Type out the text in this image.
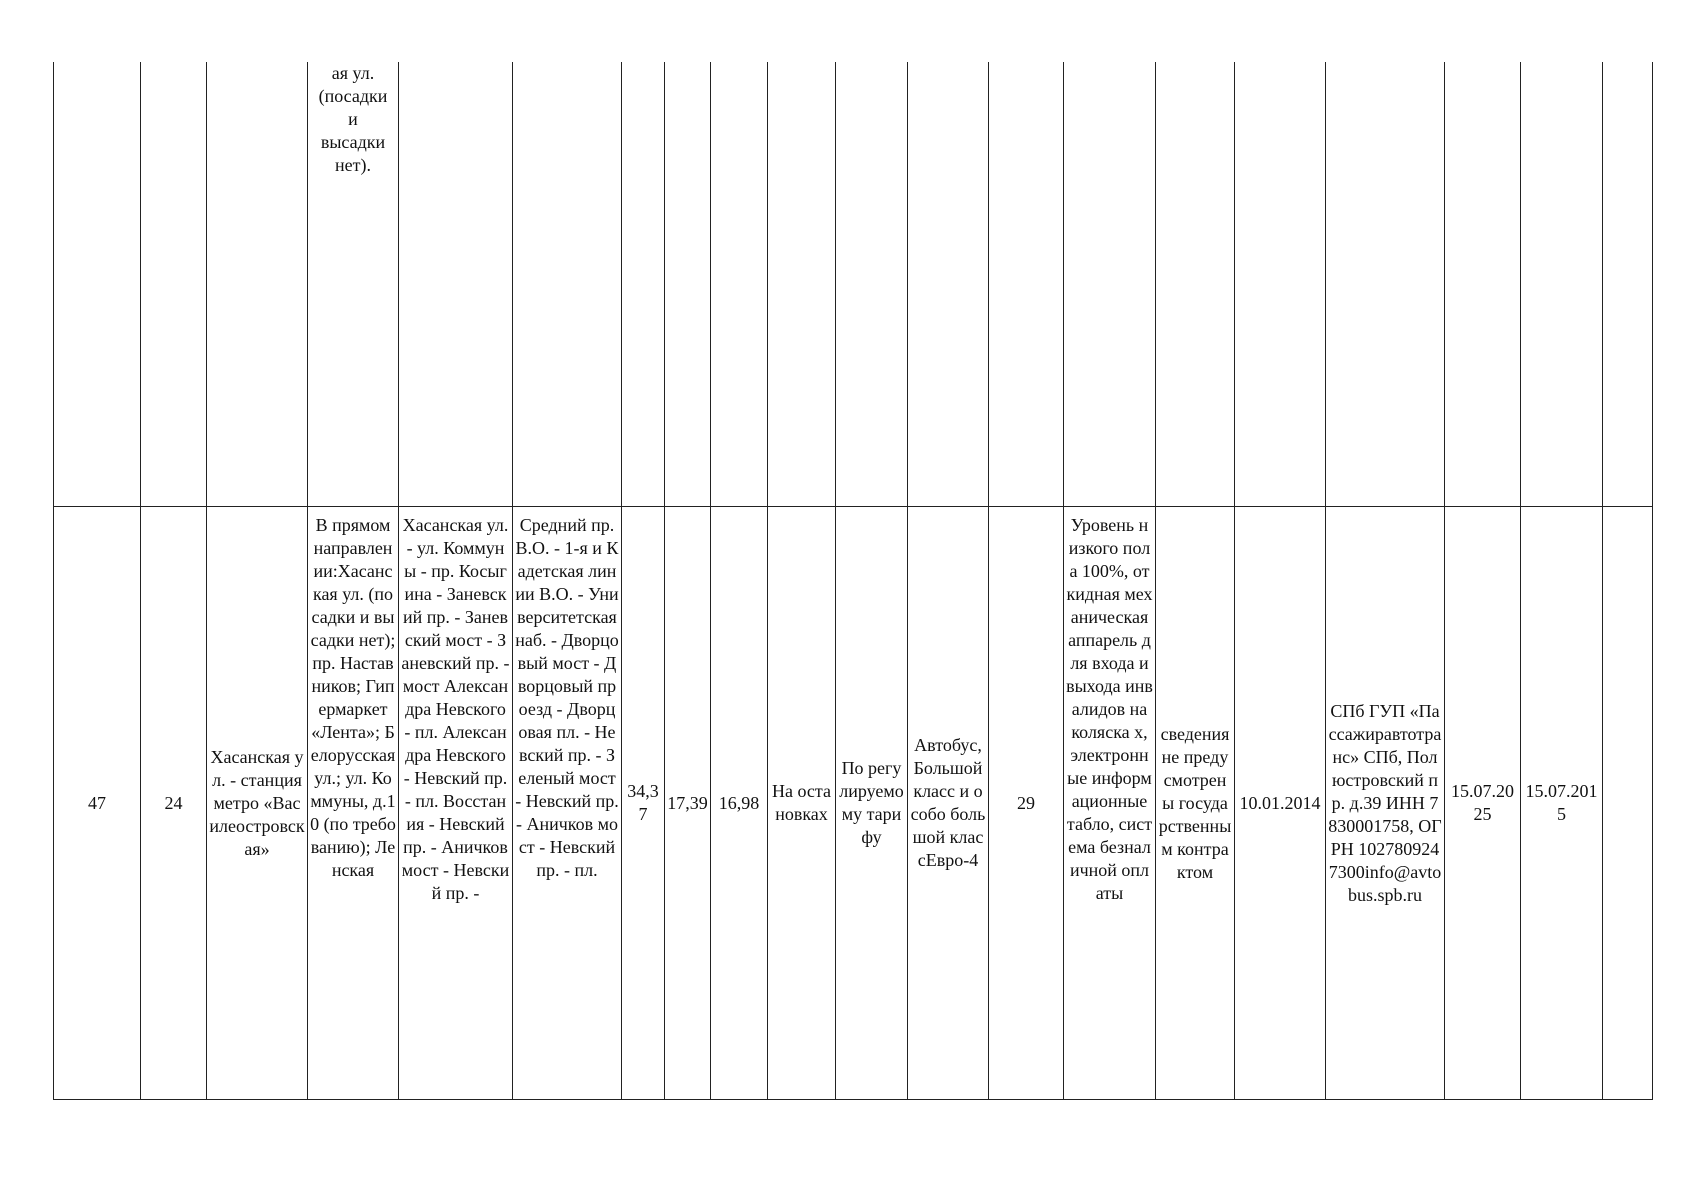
			ая ул.
(посадки
и
высадки
нет).																
47	24	Хасанская ул. - станция метро «Василеостровская»	В прямом направлении:Хасанская ул. (посадки и высадки нет); пр. Наставников; Гипермаркет «Лента»; Белорусская ул.; ул. Коммуны, д.10 (по требованию); Ленская	Хасанская ул. - ул. Коммуны - пр. Косыгина - Заневский пр. - Заневский мост - Заневский пр. - мост Александра Невского - пл. Александра Невского - Невский пр. - пл. Восстания - Невский пр. - Аничков мост - Невский пр. -	Средний пр. В.О. - 1-я и Кадетская линии В.О. - Университетская наб. - Дворцовый мост - Дворцовый проезд - Дворцовая пл. - Невский пр. - Зеленый мост - Невский пр. - Аничков мост - Невский пр. - пл.	34,37	17,39	16,98	На остановках	По регулируемому тарифу	Автобус, Большой класс и особо большой классЕвро-4	29	Уровень низкого пола 100%, откидная механическая аппарель для входа и выхода инвалидов на коляска х, электронные информационные табло, система безналичной оплаты	сведения не предусмотрены государственным контрактом	10.01.2014	СПб ГУП «Пассажиравтотранс» СПб, Полюстровский пр. д.39 ИНН 7830001758, ОГРН 1027809247300info@avtobus.spb.ru	15.07.2025	15.07.2015	
